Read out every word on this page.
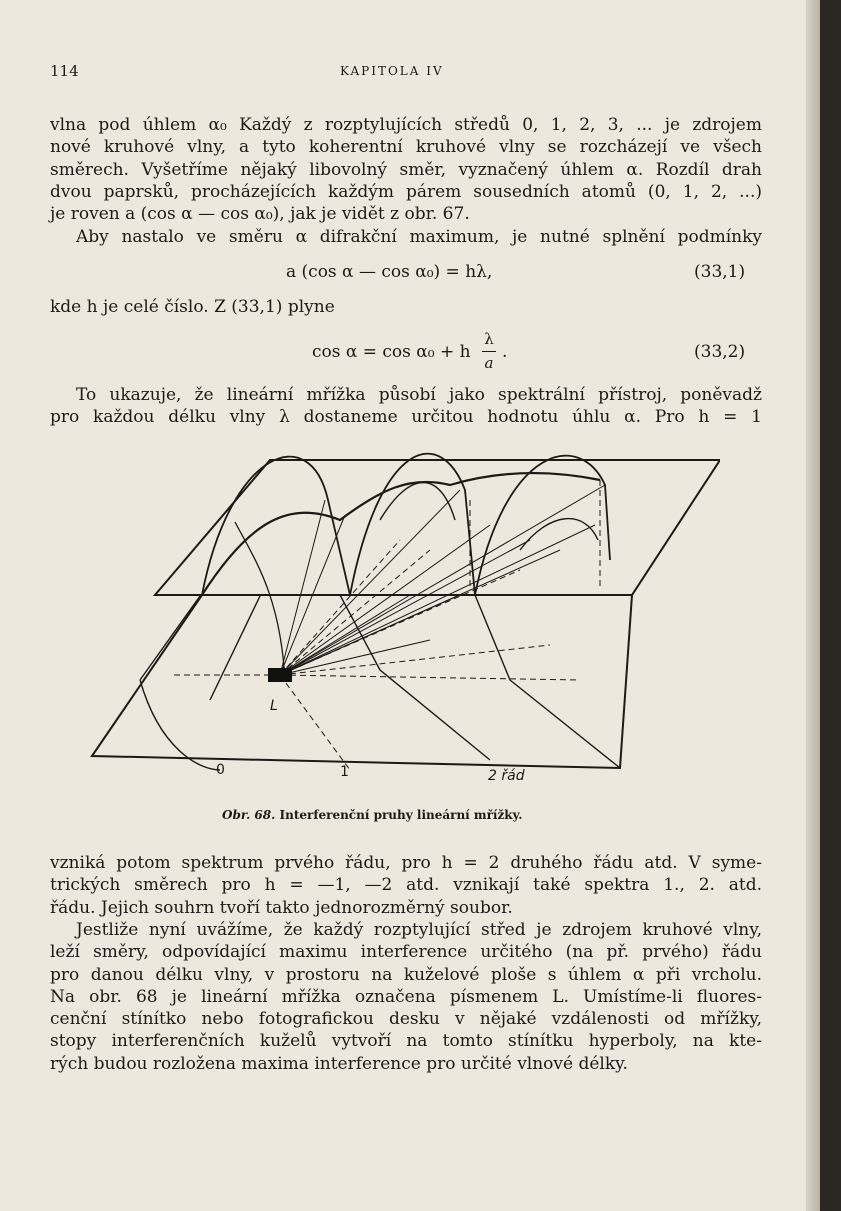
114	KAPITOLA IV
vlna pod úhlem α₀ Každý z rozptylujících středů 0, 1, 2, 3, ... je zdrojem
nové kruhové vlny, a tyto koherentní kruhové vlny se rozcházejí ve všech
směrech. Vyšetříme nějaký libovolný směr, vyznačený úhlem α. Rozdíl drah
dvou paprsků, procházejících každým párem sousedních atomů (0, 1, 2, ...)
je roven a (cos α — cos α₀), jak je vidět z obr. 67.
Aby nastalo ve směru α difrakční maximum, je nutné splnění podmínky
a (cos α — cos α₀) = hλ,	(33,1)
kde h je celé číslo. Z (33,1) plyne
cos α = cos α₀ + h
λ
a
.	(33,2)
To ukazuje, že lineární mřížka působí jako spektrální přístroj, poněvadž
pro každou délku vlny λ dostaneme určitou hodnotu úhlu α. Pro h = 1
L
0	1	2 řád
Obr. 68. Interferenční pruhy lineární mřížky.
vzniká potom spektrum prvého řádu, pro h = 2 druhého řádu atd. V syme-
trických směrech pro h = —1, —2 atd. vznikají také spektra 1., 2. atd.
řádu. Jejich souhrn tvoří takto jednorozměrný soubor.
Jestliže nyní uvážíme, že každý rozptylující střed je zdrojem kruhové vlny,
leží směry, odpovídající maximu interference určitého (na př. prvého) řádu
pro danou délku vlny, v prostoru na kuželové ploše s úhlem α při vrcholu.
Na obr. 68 je lineární mřížka označena písmenem L. Umístíme-li fluores-
cenční stínítko nebo fotografickou desku v nějaké vzdálenosti od mřížky,
stopy interferenčních kuželů vytvoří na tomto stínítku hyperboly, na kte-
rých budou rozložena maxima interference pro určité vlnové délky.
